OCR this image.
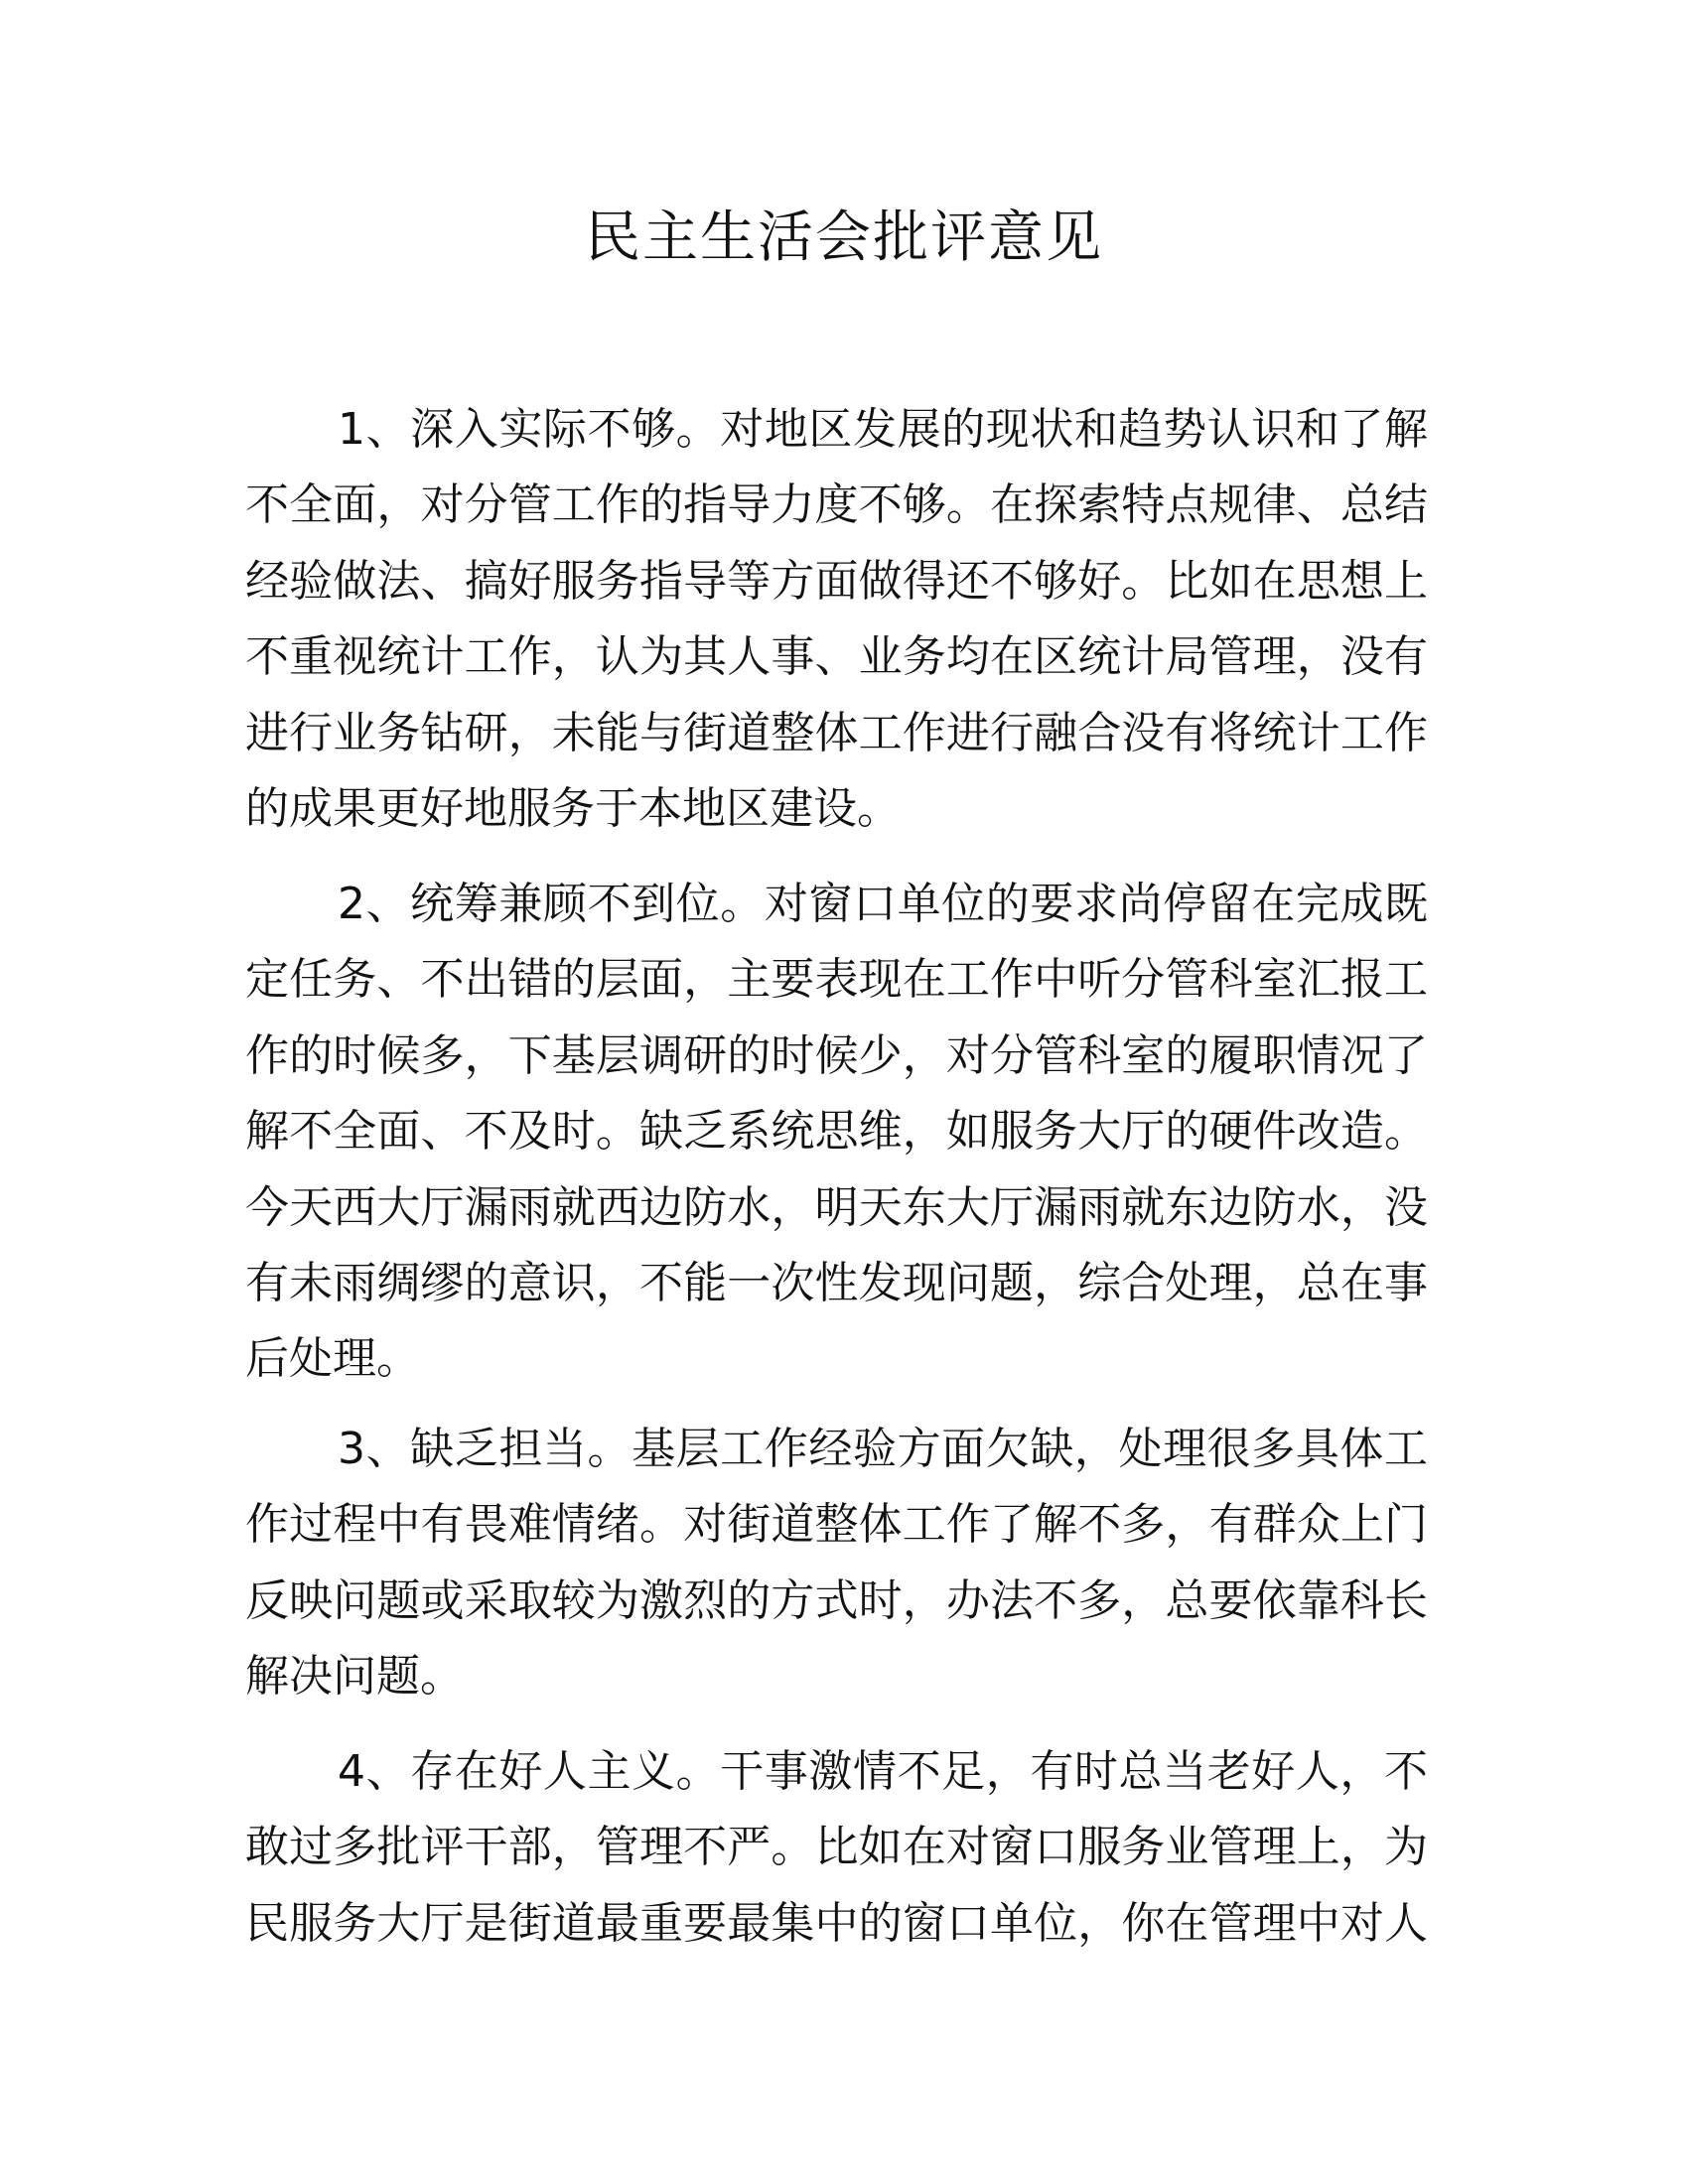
民主生活会批评意见
1、深入实际不够。对地区发展的现状和趋势认识和了解
不全面，对分管工作的指导力度不够。在探索特点规律、总结
经验做法、搞好服务指导等方面做得还不够好。比如在思想上
不重视统计工作，认为其人事、业务均在区统计局管理，没有
进行业务钻研，未能与街道整体工作进行融合没有将统计工作
的成果更好地服务于本地区建设。
2、统筹兼顾不到位。对窗口单位的要求尚停留在完成既
定任务、不出错的层面，主要表现在工作中听分管科室汇报工
作的时候多，下基层调研的时候少，对分管科室的履职情况了
解不全面、不及时。缺乏系统思维，如服务大厅的硬件改造。
今天西大厅漏雨就西边防水，明天东大厅漏雨就东边防水，没
有未雨绸缪的意识，不能一次性发现问题，综合处理，总在事
后处理。
3、缺乏担当。基层工作经验方面欠缺，处理很多具体工
作过程中有畏难情绪。对街道整体工作了解不多，有群众上门
反映问题或采取较为激烈的方式时，办法不多，总要依靠科长
解决问题。
4、存在好人主义。干事激情不足，有时总当老好人，不
敢过多批评干部，管理不严。比如在对窗口服务业管理上，为
民服务大厅是街道最重要最集中的窗口单位，你在管理中对人
